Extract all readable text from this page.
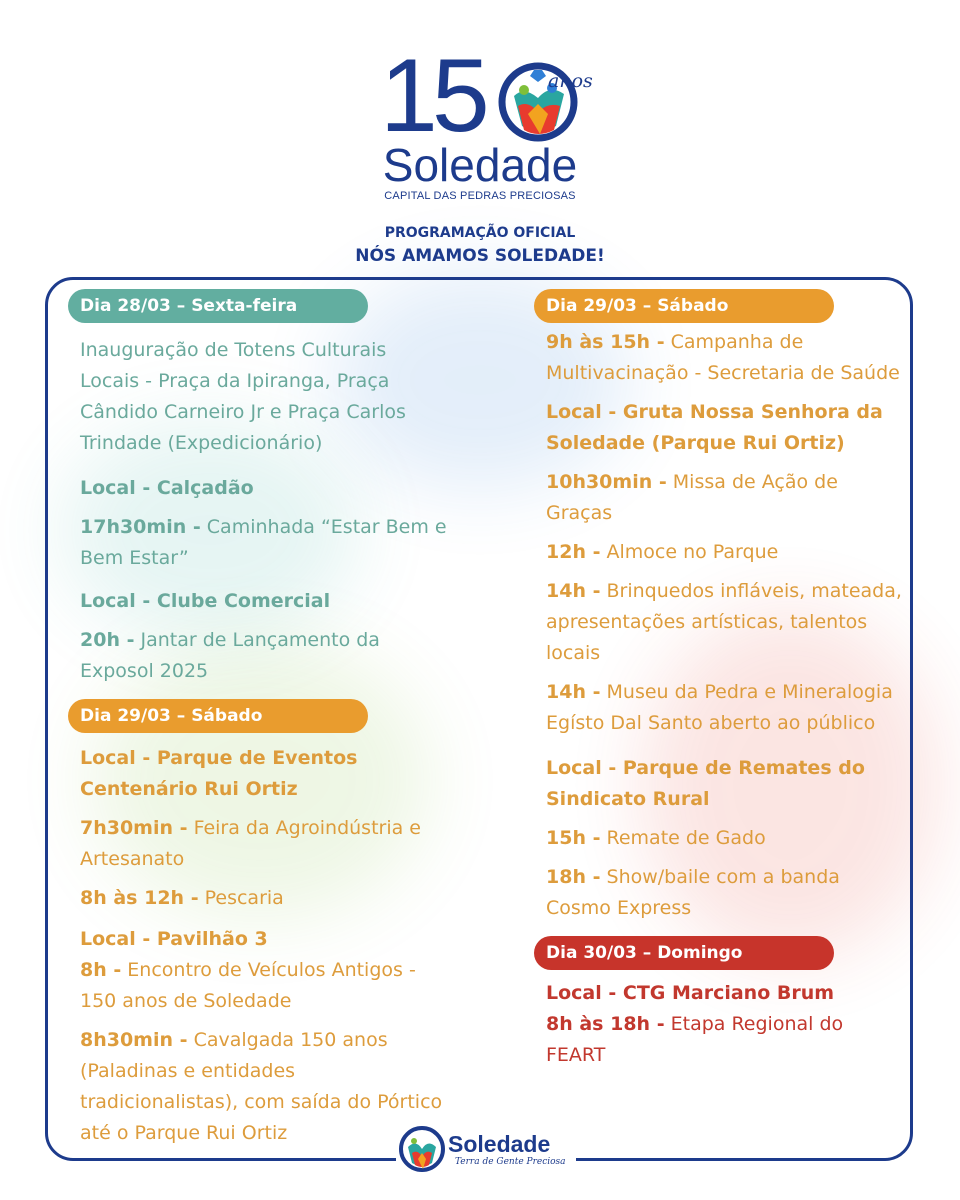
15	anos
Soledade
CAPITAL DAS PEDRAS PRECIOSAS
PROGRAMAÇÃO OFICIAL
NÓS AMAMOS SOLEDADE!
Dia 28/03 – Sexta-feira
Inauguração de Totens Culturais Locais - Praça da Ipiranga, Praça Cândido Carneiro Jr e Praça Carlos Trindade (Expedicionário)
Local - Calçadão
17h30min - Caminhada “Estar Bem e Bem Estar”
Local - Clube Comercial
20h - Jantar de Lançamento da Exposol 2025
Dia 29/03 – Sábado
Local - Parque de Eventos Centenário Rui Ortiz
7h30min - Feira da Agroindústria e Artesanato
8h às 12h - Pescaria
Local - Pavilhão 3
8h - Encontro de Veículos Antigos - 150 anos de Soledade
8h30min - Cavalgada 150 anos (Paladinas e entidades tradicionalistas), com saída do Pórtico até o Parque Rui Ortiz
Dia 29/03 – Sábado
9h às 15h - Campanha de Multivacinação - Secretaria de Saúde
Local - Gruta Nossa Senhora da Soledade (Parque Rui Ortiz)
10h30min - Missa de Ação de Graças
12h - Almoce no Parque
14h - Brinquedos infláveis, mateada, apresentações artísticas, talentos locais
14h - Museu da Pedra e Mineralogia Egísto Dal Santo aberto ao público
Local - Parque de Remates do Sindicato Rural
15h - Remate de Gado
18h - Show/baile com a banda Cosmo Express
Dia 30/03 – Domingo
Local - CTG Marciano Brum
8h às 18h - Etapa Regional do FEART
Soledade
Terra de Gente Preciosa
